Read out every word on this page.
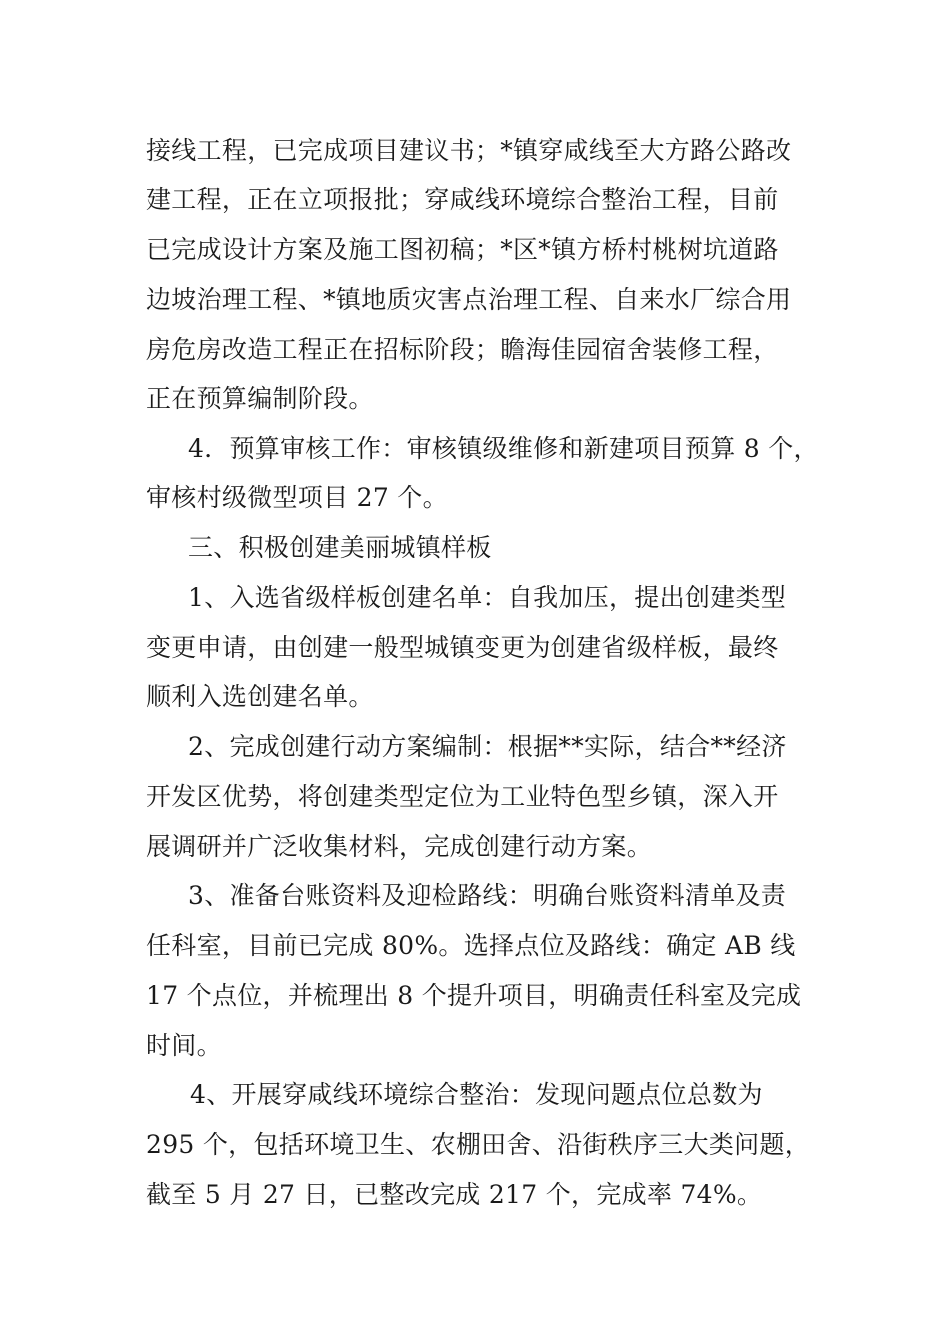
接线工程，已完成项目建议书；*镇穿咸线至大方路公路改

建工程，正在立项报批；穿咸线环境综合整治工程，目前

已完成设计方案及施工图初稿；*区*镇方桥村桃树坑道路

边坡治理工程、*镇地质灾害点治理工程、自来水厂综合用

房危房改造工程正在招标阶段；瞻海佳园宿舍装修工程，

正在预算编制阶段。

4．预算审核工作：审核镇级维修和新建项目预算 8 个，

审核村级微型项目 27 个。

三、积极创建美丽城镇样板

1、入选省级样板创建名单：自我加压，提出创建类型

变更申请，由创建一般型城镇变更为创建省级样板，最终

顺利入选创建名单。

2、完成创建行动方案编制：根据**实际，结合**经济

开发区优势，将创建类型定位为工业特色型乡镇，深入开

展调研并广泛收集材料，完成创建行动方案。

3、准备台账资料及迎检路线：明确台账资料清单及责

任科室，目前已完成 80%。选择点位及路线：确定 AB 线

17 个点位，并梳理出 8 个提升项目，明确责任科室及完成

时间。

4、开展穿咸线环境综合整治：发现问题点位总数为

295 个，包括环境卫生、农棚田舍、沿街秩序三大类问题，

截至 5 月 27 日，已整改完成 217 个，完成率 74%。
